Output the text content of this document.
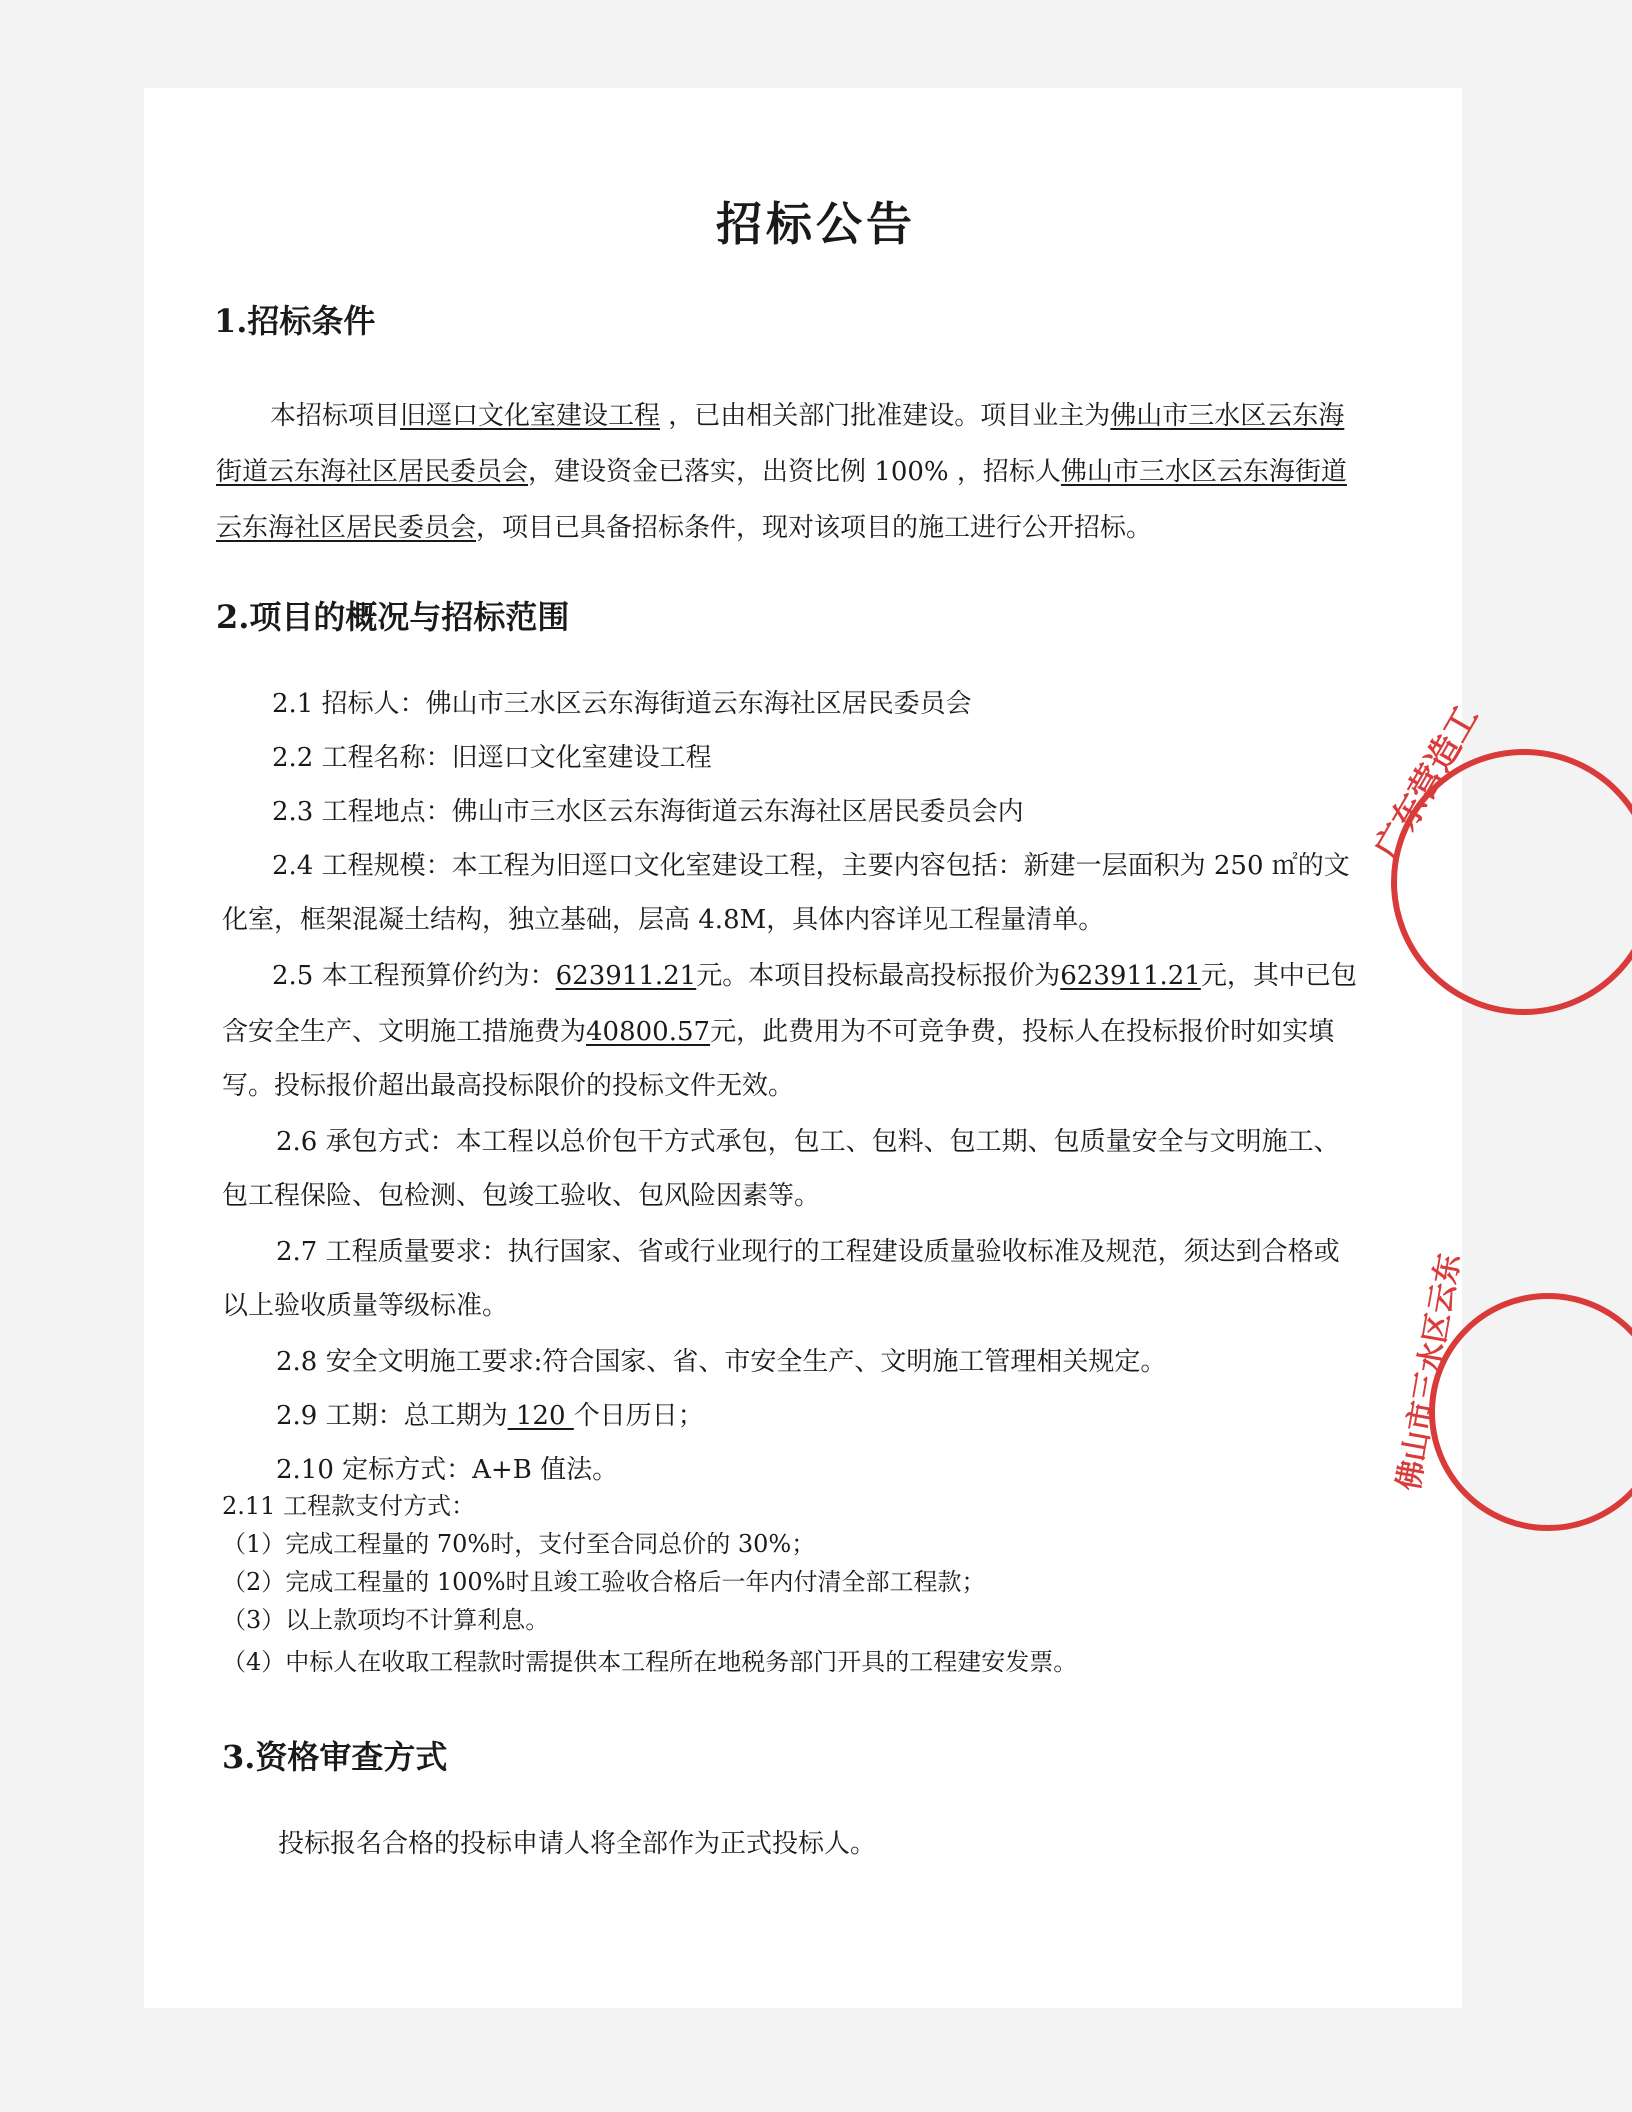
招标公告
1.招标条件
本招标项目旧逕口文化室建设工程 ，已由相关部门批准建设。项目业主为佛山市三水区云东海街道云东海社区居民委员会，建设资金已落实，出资比例 100% ，招标人佛山市三水区云东海街道云东海社区居民委员会，项目已具备招标条件，现对该项目的施工进行公开招标。
2.项目的概况与招标范围
2.1 招标人：佛山市三水区云东海街道云东海社区居民委员会
2.2 工程名称：旧逕口文化室建设工程
2.3 工程地点：佛山市三水区云东海街道云东海社区居民委员会内
2.4 工程规模：本工程为旧逕口文化室建设工程，主要内容包括：新建一层面积为 250 ㎡的文
化室，框架混凝土结构，独立基础，层高 4.8M，具体内容详见工程量清单。
2.5 本工程预算价约为：623911.21元。本项目投标最高投标报价为623911.21元，其中已包
含安全生产、文明施工措施费为40800.57元，此费用为不可竞争费，投标人在投标报价时如实填
写。投标报价超出最高投标限价的投标文件无效。
2.6 承包方式：本工程以总价包干方式承包，包工、包料、包工期、包质量安全与文明施工、
包工程保险、包检测、包竣工验收、包风险因素等。
2.7 工程质量要求：执行国家、省或行业现行的工程建设质量验收标准及规范，须达到合格或
以上验收质量等级标准。
2.8 安全文明施工要求:符合国家、省、市安全生产、文明施工管理相关规定。
2.9 工期：总工期为 120 个日历日；
2.10 定标方式：A+B 值法。
2.11 工程款支付方式：
（1）完成工程量的 70%时，支付至合同总价的 30%；
（2）完成工程量的 100%时且竣工验收合格后一年内付清全部工程款；
（3）以上款项均不计算利息。
（4）中标人在收取工程款时需提供本工程所在地税务部门开具的工程建安发票。
3.资格审查方式
投标报名合格的投标申请人将全部作为正式投标人。
广东营造工
佛山市三水区云东
